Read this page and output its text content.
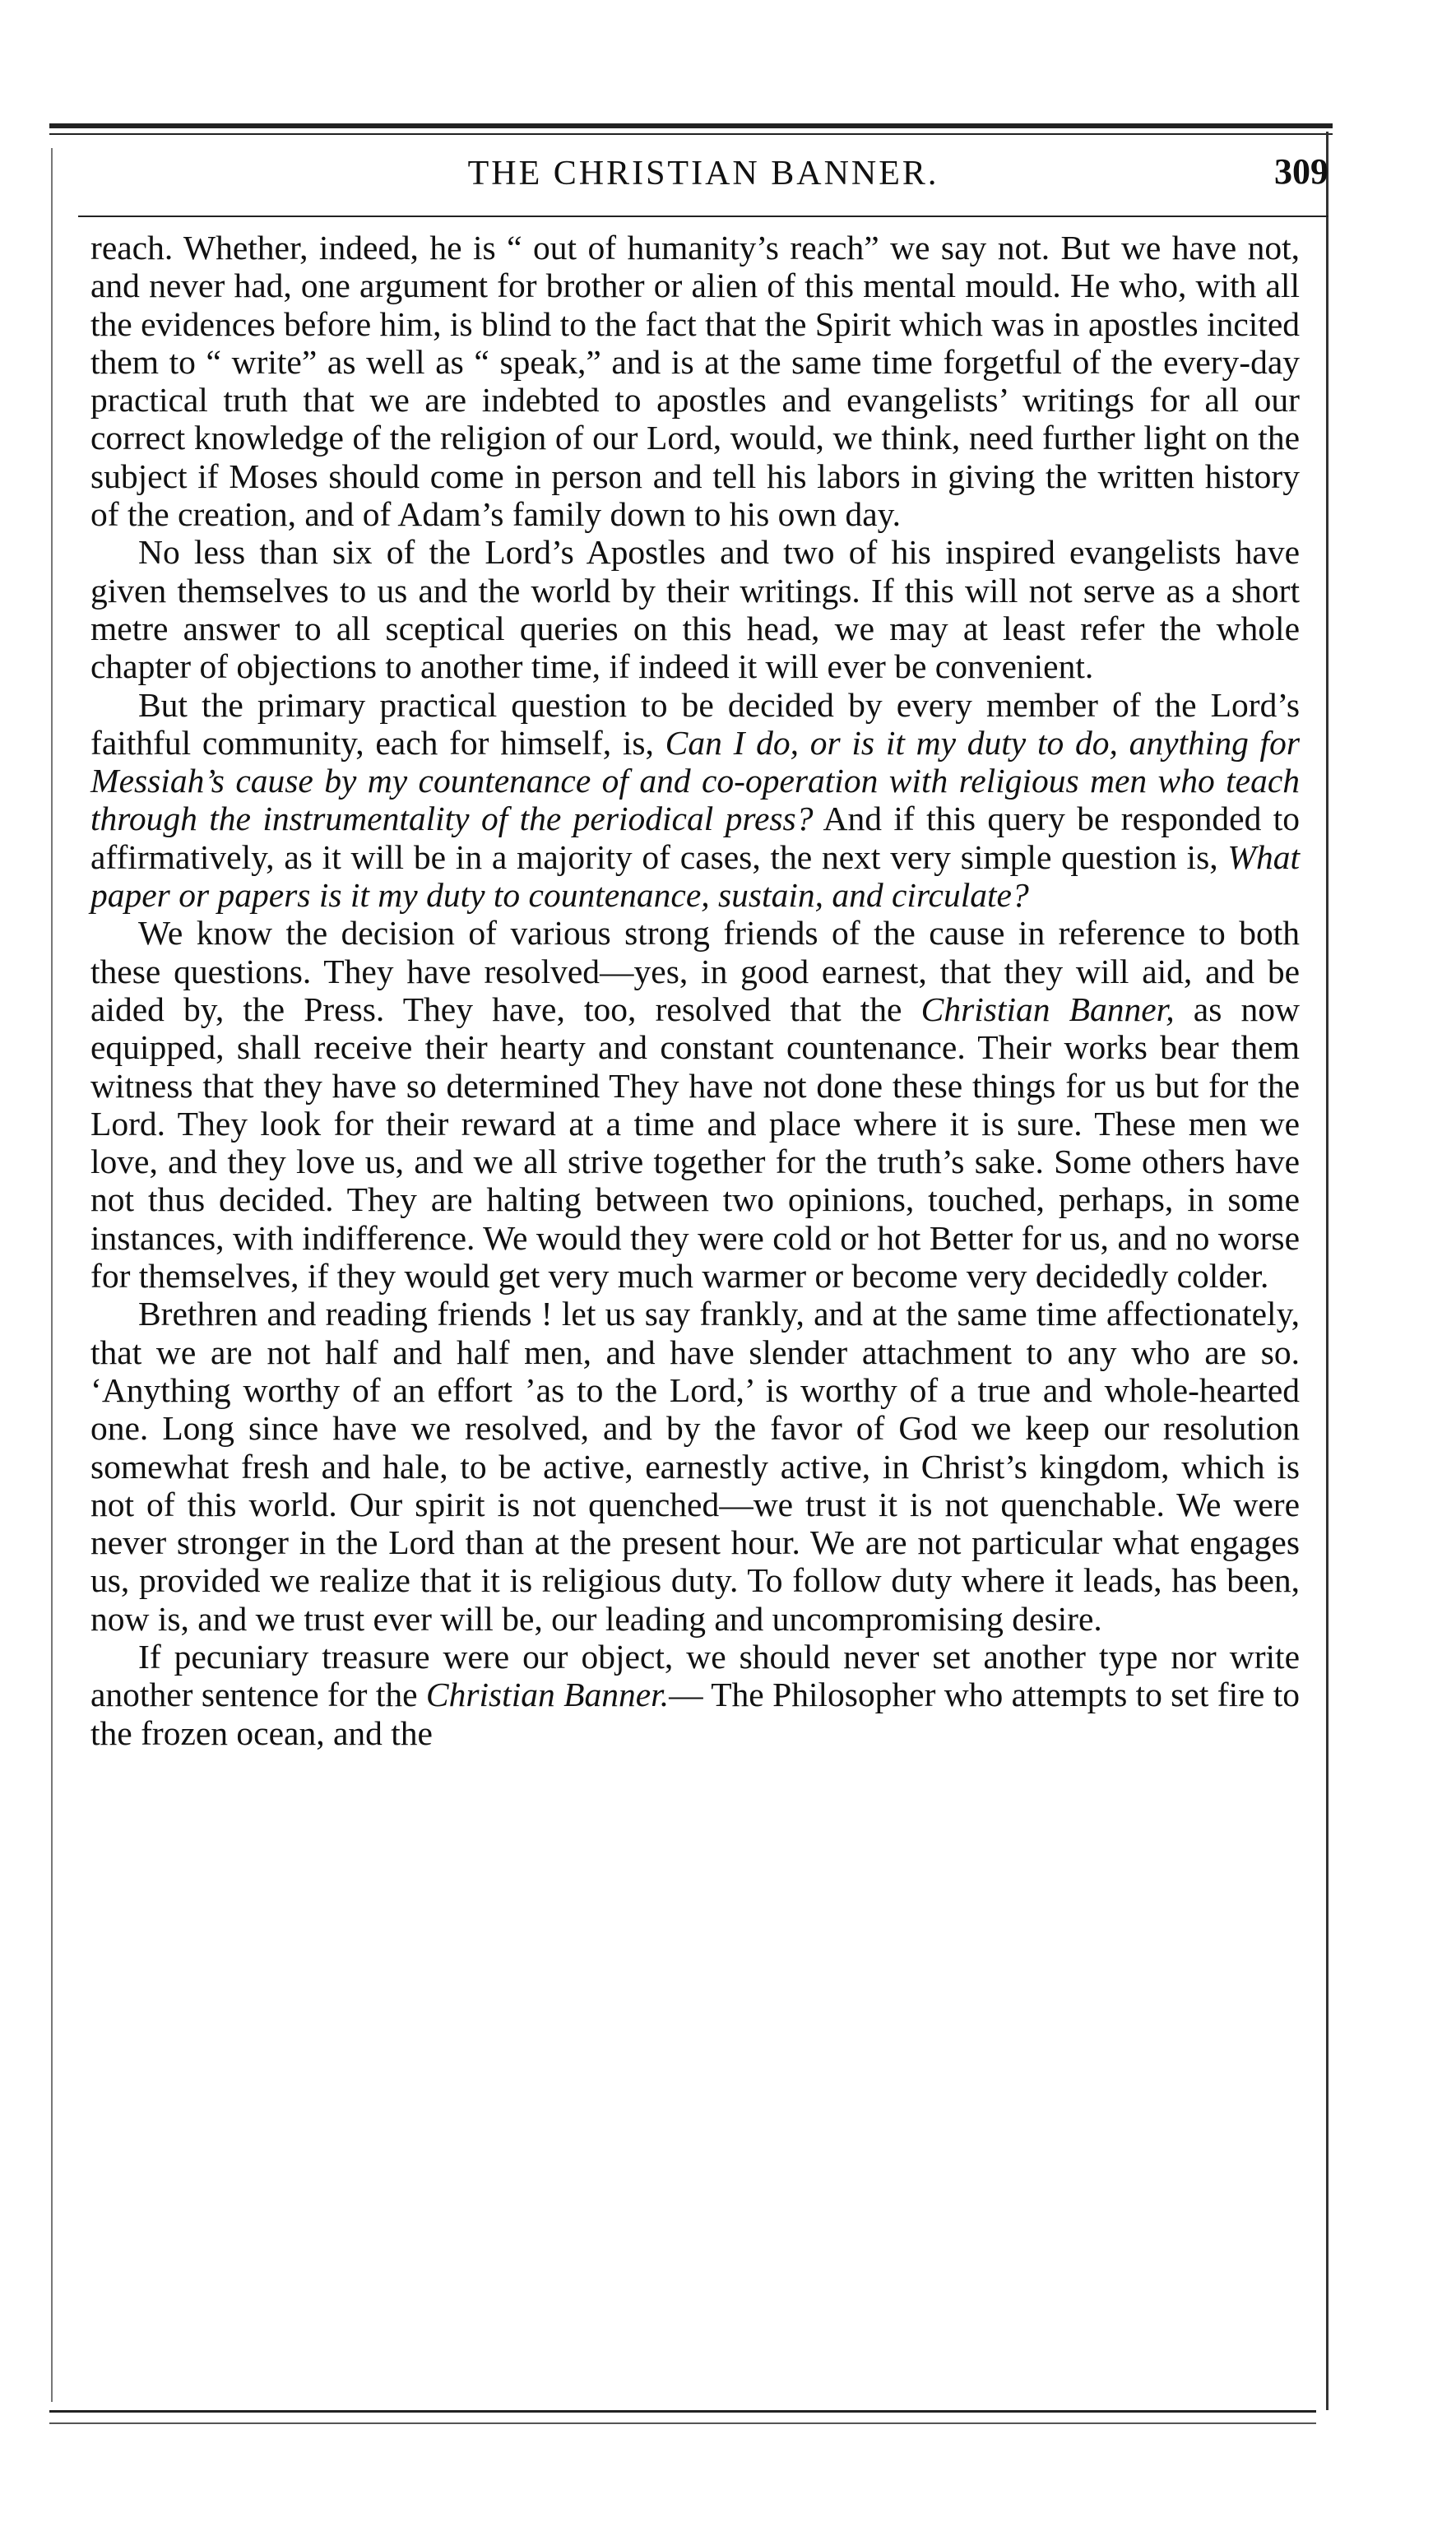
THE CHRISTIAN BANNER.	309

reach. Whether, indeed, he is “ out of humanity’s reach” we say not. But we have not, and never had, one argument for brother or alien of this mental mould. He who, with all the evidences before him, is blind to the fact that the Spirit which was in apostles incited them to “ write” as well as “ speak,” and is at the same time forgetful of the every-day practical truth that we are indebted to apostles and evangelists’ writings for all our correct knowledge of the religion of our Lord, would, we think, need further light on the subject if Moses should come in person and tell his labors in giving the written history of the creation, and of Adam’s family down to his own day.

No less than six of the Lord’s Apostles and two of his inspired evangelists have given themselves to us and the world by their writings. If this will not serve as a short metre answer to all sceptical queries on this head, we may at least refer the whole chapter of objections to another time, if indeed it will ever be convenient.

But the primary practical question to be decided by every member of the Lord’s faithful community, each for himself, is, Can I do, or is it my duty to do, anything for Messiah’s cause by my countenance of and co-operation with religious men who teach through the instrumentality of the periodical press? And if this query be responded to affirmatively, as it will be in a majority of cases, the next very simple question is, What paper or papers is it my duty to countenance, sustain, and circulate?

We know the decision of various strong friends of the cause in reference to both these questions. They have resolved—yes, in good earnest, that they will aid, and be aided by, the Press. They have, too, resolved that the Christian Banner, as now equipped, shall receive their hearty and constant countenance. Their works bear them witness that they have so determined They have not done these things for us but for the Lord. They look for their reward at a time and place where it is sure. These men we love, and they love us, and we all strive together for the truth’s sake. Some others have not thus decided. They are halting between two opinions, touched, perhaps, in some instances, with indifference. We would they were cold or hot Better for us, and no worse for themselves, if they would get very much warmer or become very decidedly colder.

Brethren and reading friends ! let us say frankly, and at the same time affectionately, that we are not half and half men, and have slender attachment to any who are so. ‘Anything worthy of an effort ’as to the Lord,’ is worthy of a true and whole-hearted one. Long since have we resolved, and by the favor of God we keep our resolution somewhat fresh and hale, to be active, earnestly active, in Christ’s kingdom, which is not of this world. Our spirit is not quenched—we trust it is not quenchable. We were never stronger in the Lord than at the present hour. We are not particular what engages us, provided we realize that it is religious duty. To follow duty where it leads, has been, now is, and we trust ever will be, our leading and uncompromising desire.

If pecuniary treasure were our object, we should never set another type nor write another sentence for the Christian Banner.— The Philosopher who attempts to set fire to the frozen ocean, and the
